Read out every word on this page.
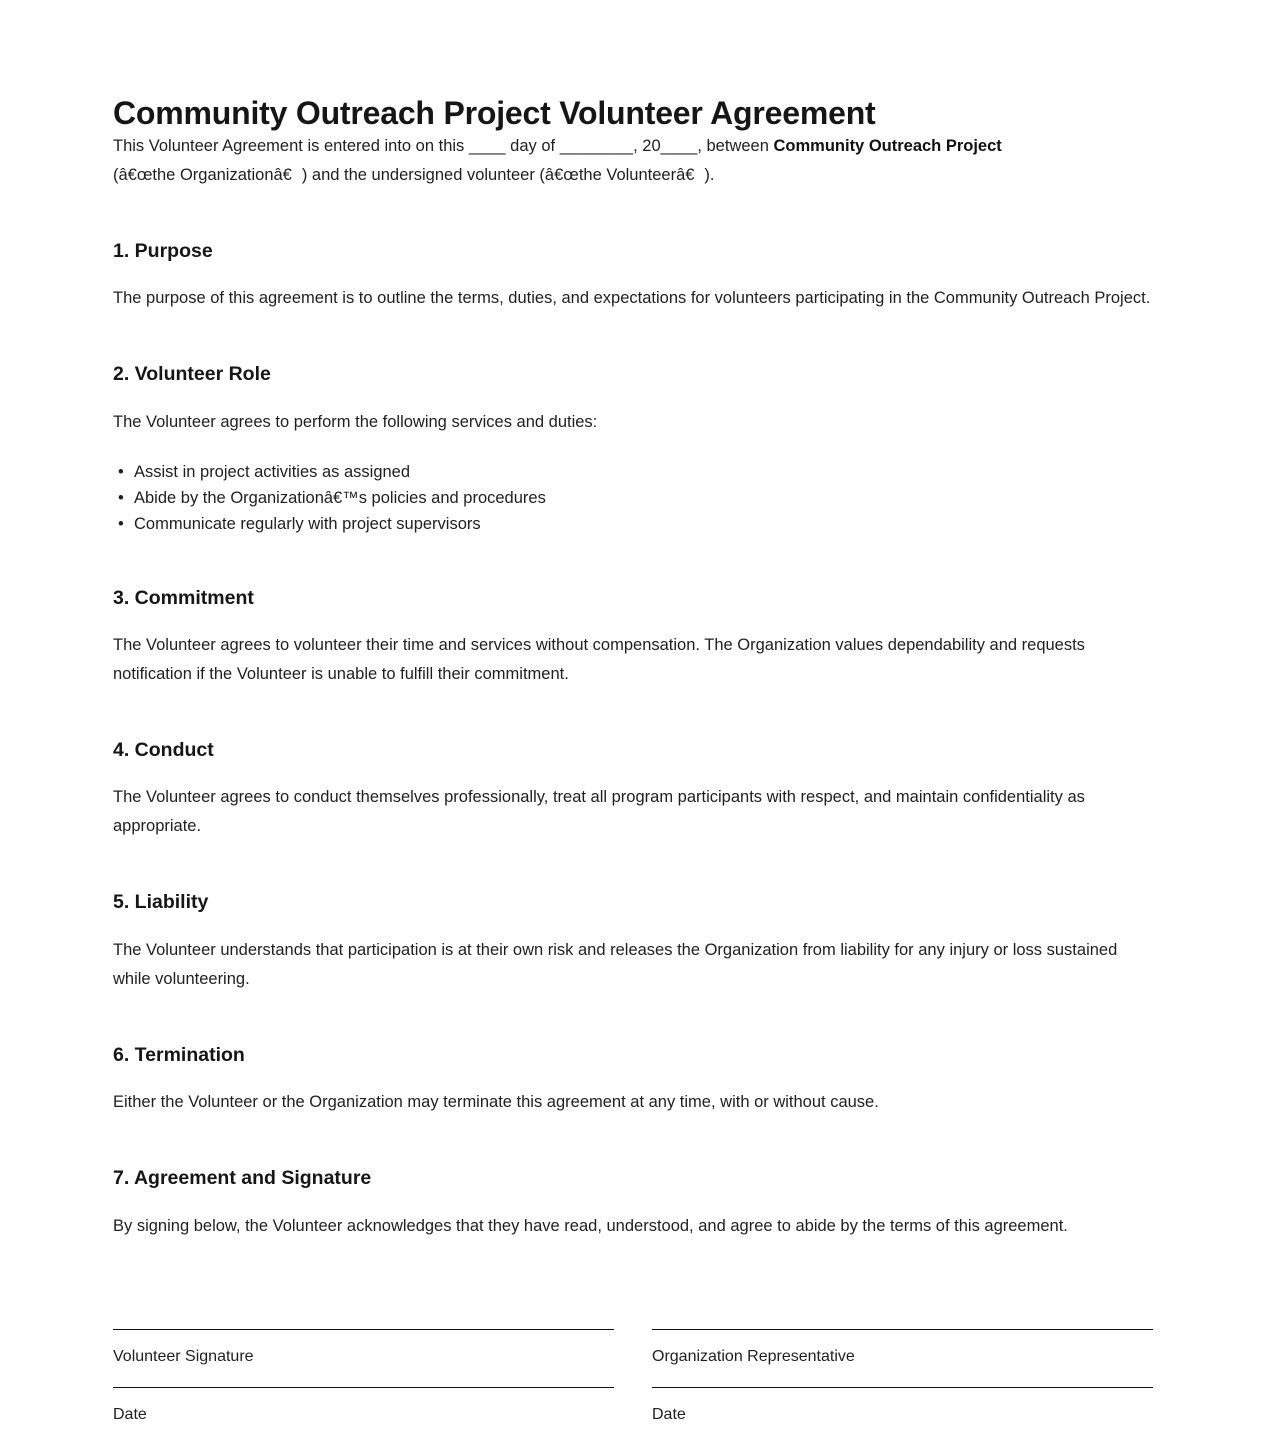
Community Outreach Project Volunteer Agreement

This Volunteer Agreement is entered into on this ____ day of ________, 20____, between Community Outreach Project (â€œthe Organizationâ€) and the undersigned volunteer (â€œthe Volunteerâ€).

1. Purpose

The purpose of this agreement is to outline the terms, duties, and expectations for volunteers participating in the Community Outreach Project.

2. Volunteer Role

The Volunteer agrees to perform the following services and duties:

• Assist in project activities as assigned
• Abide by the Organizationâ€™s policies and procedures
• Communicate regularly with project supervisors
3. Commitment

The Volunteer agrees to volunteer their time and services without compensation. The Organization values dependability and requests notification if the Volunteer is unable to fulfill their commitment.

4. Conduct

The Volunteer agrees to conduct themselves professionally, treat all program participants with respect, and maintain confidentiality as appropriate.

5. Liability

The Volunteer understands that participation is at their own risk and releases the Organization from liability for any injury or loss sustained while volunteering.

6. Termination

Either the Volunteer or the Organization may terminate this agreement at any time, with or without cause.

7. Agreement and Signature

By signing below, the Volunteer acknowledges that they have read, understood, and agree to abide by the terms of this agreement.

Volunteer Signature	Organization Representative
Date	Date
